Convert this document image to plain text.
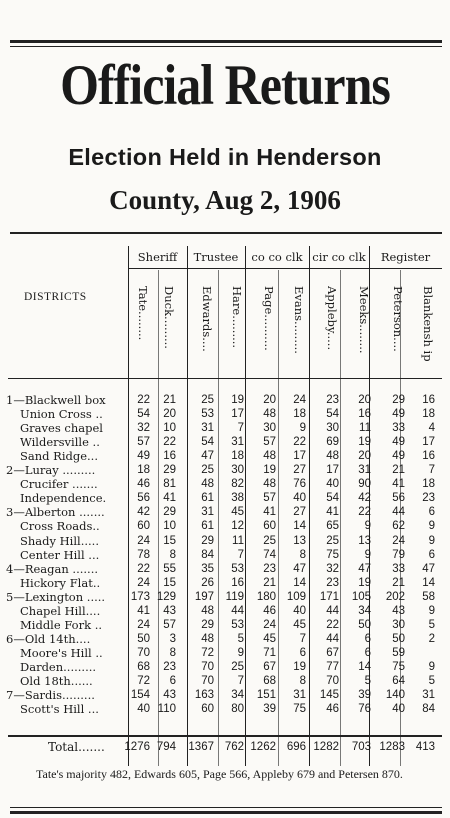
Official Returns
Election Held in Henderson
County, Aug 2, 1906
Sheriff	Trustee	co co clk cir co clk	Register
DISTRICTS	Tate........ Duck......... Edwards.... Hare......... Page.......... Evans......... Appleby..... Meeks........ Peterson.... Blankensh ip
1—Blackwell box	22	21	25	19	20	24	23	20	29	16
Union Cross ..	54	20	53	17	48	18	54	16	49	18
Graves chapel	32	10	31	7	30	9	30	11	33	4
Wildersville ..	57	22	54	31	57	22	69	19	49	17
Sand Ridge...	49	16	47	18	48	17	48	20	49	16
2—Luray .........	18	29	25	30	19	27	17	31	21	7
Crucifer .......	46	81	48	82	48	76	40	90	41	18
Independence.	56	41	61	38	57	40	54	42	56	23
3—Alberton .......	42	29	31	45	41	27	41	22	44	6
Cross Roads..	60	10	61	12	60	14	65	9	62	9
Shady Hill.....	24	15	29	11	25	13	25	13	24	9
Center Hill ...	78	8	84	7	74	8	75	9	79	6
4—Reagan .......	22	55	35	53	23	47	32	47	33	47
Hickory Flat..	24	15	26	16	21	14	23	19	21	14
5—Lexington .....	173 129	197	119	180 109	171	105	202	58
Chapel Hill....	41	43	48	44	46	40	44	34	43	9
Middle Fork ..	24	57	29	53	24	45	22	50	30	5
6—Old 14th....	50	3	48	5	45	7	44	6	50	2
Moore's Hill ..	70	8	72	9	71	6	67	6	59
Darden.........	68	23	70	25	67	19	77	14	75	9
Old 18th......	72	6	70	7	68	8	70	5	64	5
7—Sardis.........	154	43	163	34	151	31	145	39	140	31
Scott's Hill ...	40 110	60	80	39	75	46	76	40	84
Total.......	1276 794	1367 762 1262 696 1282	703 1283 413
Tate's majority 482, Edwards 605, Page 566, Appleby 679 and Petersen 870.
